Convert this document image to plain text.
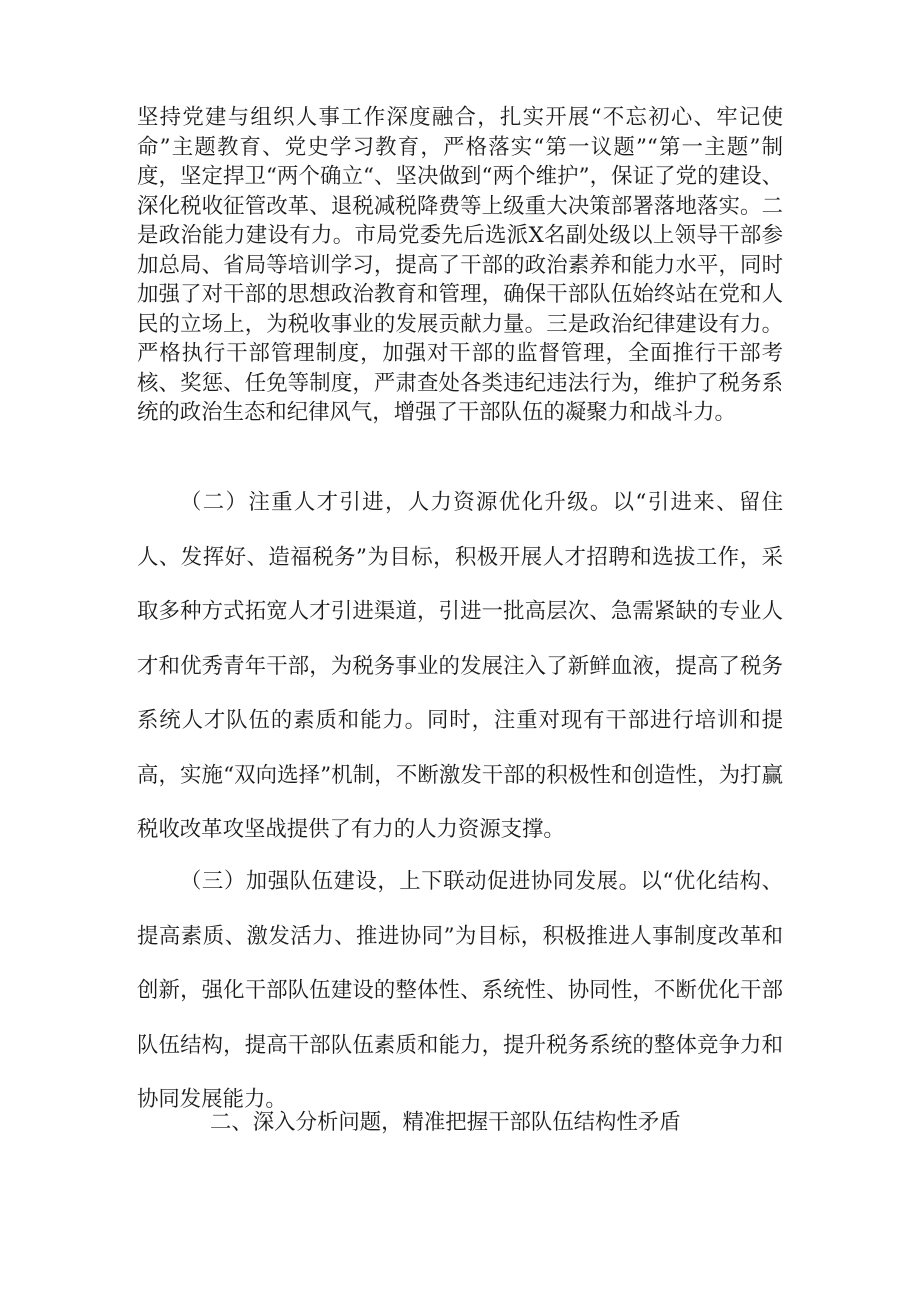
坚持党建与组织人事工作深度融合，扎实开展“不忘初心、牢记使命”主题教育、党史学习教育，严格落实“第一议题”“第一主题”制度，坚定捍卫“两个确立“、坚决做到“两个维护”，保证了党的建设、深化税收征管改革、退税减税降费等上级重大决策部署落地落实。二是政治能力建设有力。市局党委先后选派X名副处级以上领导干部参加总局、省局等培训学习，提高了干部的政治素养和能力水平，同时加强了对干部的思想政治教育和管理，确保干部队伍始终站在党和人民的立场上，为税收事业的发展贡献力量。三是政治纪律建设有力。严格执行干部管理制度，加强对干部的监督管理，全面推行干部考核、奖惩、任免等制度，严肃查处各类违纪违法行为，维护了税务系统的政治生态和纪律风气，增强了干部队伍的凝聚力和战斗力。

（二）注重人才引进，人力资源优化升级。以“引进来、留住人、发挥好、造福税务”为目标，积极开展人才招聘和选拔工作，采取多种方式拓宽人才引进渠道，引进一批高层次、急需紧缺的专业人才和优秀青年干部，为税务事业的发展注入了新鲜血液，提高了税务系统人才队伍的素质和能力。同时，注重对现有干部进行培训和提高，实施“双向选择”机制，不断激发干部的积极性和创造性，为打赢税收改革攻坚战提供了有力的人力资源支撑。

（三）加强队伍建设，上下联动促进协同发展。以“优化结构、提高素质、激发活力、推进协同”为目标，积极推进人事制度改革和创新，强化干部队伍建设的整体性、系统性、协同性，不断优化干部队伍结构，提高干部队伍素质和能力，提升税务系统的整体竞争力和协同发展能力。

二、深入分析问题，精准把握干部队伍结构性矛盾
